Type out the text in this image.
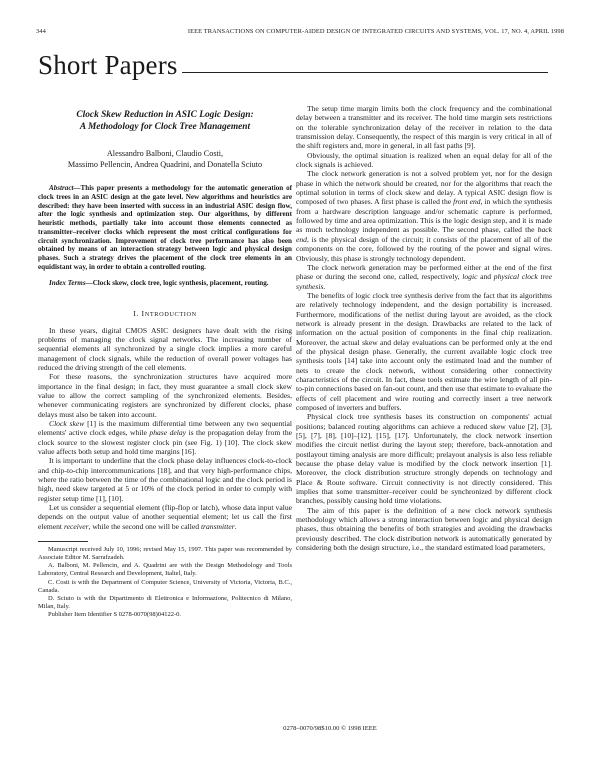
344	IEEE TRANSACTIONS ON COMPUTER-AIDED DESIGN OF INTEGRATED CIRCUITS AND SYSTEMS, VOL. 17, NO. 4, APRIL 1998
Short Papers
Clock Skew Reduction in ASIC Logic Design:
A Methodology for Clock Tree Management
Alessandro Balboni, Claudio Costi,
Massimo Pellencin, Andrea Quadrini, and Donatella Sciuto

Abstract—This paper presents a methodology for the automatic generation of clock trees in an ASIC design at the gate level. New algorithms and heuristics are described: they have been inserted with success in an industrial ASIC design flow, after the logic synthesis and optimization step. Our algorithms, by different heuristic methods, partially take into account those elements connected as transmitter–receiver clocks which represent the most critical configurations for circuit synchronization. Improvement of clock tree performance has also been obtained by means of an interaction strategy between logic and physical design phases. Such a strategy drives the placement of the clock tree elements in an equidistant way, in order to obtain a controlled routing.

Index Terms—Clock skew, clock tree, logic synthesis, placement, routing.

I. INTRODUCTION

In these years, digital CMOS ASIC designers have dealt with the rising problems of managing the clock signal networks. The increasing number of sequential elements all synchronized by a single clock implies a more careful management of clock signals, while the reduction of overall power voltages has reduced the driving strength of the cell elements.

For these reasons, the synchronization structures have acquired more importance in the final design; in fact, they must guarantee a small clock skew value to allow the correct sampling of the synchronized elements. Besides, whenever communicating registers are synchronized by different clocks, phase delays must also be taken into account.

Clock skew [1] is the maximum differential time between any two sequential elements' active clock edges, while phase delay is the propagation delay from the clock source to the slowest register clock pin (see Fig. 1) [10]. The clock skew value affects both setup and hold time margins [16].

It is important to underline that the clock phase delay influences clock-to-clock and chip-to-chip intercommunications [18], and that very high-performance chips, where the ratio between the time of the combinational logic and the clock period is high, need skew targeted at 5 or 10% of the clock period in order to comply with register setup time [1], [10].

Let us consider a sequential element (flip-flop or latch), whose data input value depends on the output value of another sequential element; let us call the first element receiver, while the second one will be called transmitter.

Manuscript received July 10, 1996; revised May 15, 1997. This paper was recommended by Associate Editor M. Sarrafzadeh.

A. Balboni, M. Pellencin, and A. Quadrini are with the Design Methodology and Tools Laboratory, Central Research and Development, Italtel, Italy.

C. Costi is with the Department of Computer Science, University of Victoria, Victoria, B.C., Canada.

D. Sciuto is with the Dipartimento di Elettronica e Informazione, Politecnico di Milano, Milan, Italy.

Publisher Item Identifier S 0278-0070(98)04122-0.

The setup time margin limits both the clock frequency and the combinational delay between a transmitter and its receiver. The hold time margin sets restrictions on the tolerable synchronization delay of the receiver in relation to the data transmission delay. Consequently, the respect of this margin is very critical in all of the shift registers and, more in general, in all fast paths [9].

Obviously, the optimal situation is realized when an equal delay for all of the clock signals is achieved.

The clock network generation is not a solved problem yet, nor for the design phase in which the network should be created, nor for the algorithms that reach the optimal solution in terms of clock skew and delay. A typical ASIC design flow is composed of two phases. A first phase is called the front end, in which the synthesis from a hardware description language and/or schematic capture is performed, followed by time and area optimization. This is the logic design step, and it is made as much technology independent as possible. The second phase, called the back end, is the physical design of the circuit; it consists of the placement of all of the components on the core, followed by the routing of the power and signal wires. Obviously, this phase is strongly technology dependent.

The clock network generation may be performed either at the end of the first phase or during the second one, called, respectively, logic and physical clock tree synthesis.

The benefits of logic clock tree synthesis derive from the fact that its algorithms are relatively technology independent, and the design portability is increased. Furthermore, modifications of the netlist during layout are avoided, as the clock network is already present in the design. Drawbacks are related to the lack of information on the actual position of components in the final chip realization. Moreover, the actual skew and delay evaluations can be performed only at the end of the physical design phase. Generally, the current available logic clock tree synthesis tools [14] take into account only the estimated load and the number of nets to create the clock network, without considering other connectivity characteristics of the circuit. In fact, these tools estimate the wire length of all pin-to-pin connections based on fan-out count, and then use that estimate to evaluate the effects of cell placement and wire routing and correctly insert a tree network composed of inverters and buffers.

Physical clock tree synthesis bases its construction on components' actual positions; balanced routing algorithms can achieve a reduced skew value [2], [3], [5], [7], [8], [10]–[12], [15], [17]. Unfortunately, the clock network insertion modifies the circuit netlist during the layout step; therefore, back-annotation and postlayout timing analysis are more difficult; prelayout analysis is also less reliable because the phase delay value is modified by the clock network insertion [1]. Moreover, the clock distribution structure strongly depends on technology and Place & Route software. Circuit connectivity is not directly considered. This implies that some transmitter–receiver could be synchronized by different clock branches, possibly causing hold time violations.

The aim of this paper is the definition of a new clock network synthesis methodology which allows a strong interaction between logic and physical design phases, thus obtaining the benefits of both strategies and avoiding the drawbacks previously described. The clock distribution network is automatically generated by considering both the design structure, i.e., the standard estimated load parameters,

0278–0070/98$10.00 © 1998 IEEE
